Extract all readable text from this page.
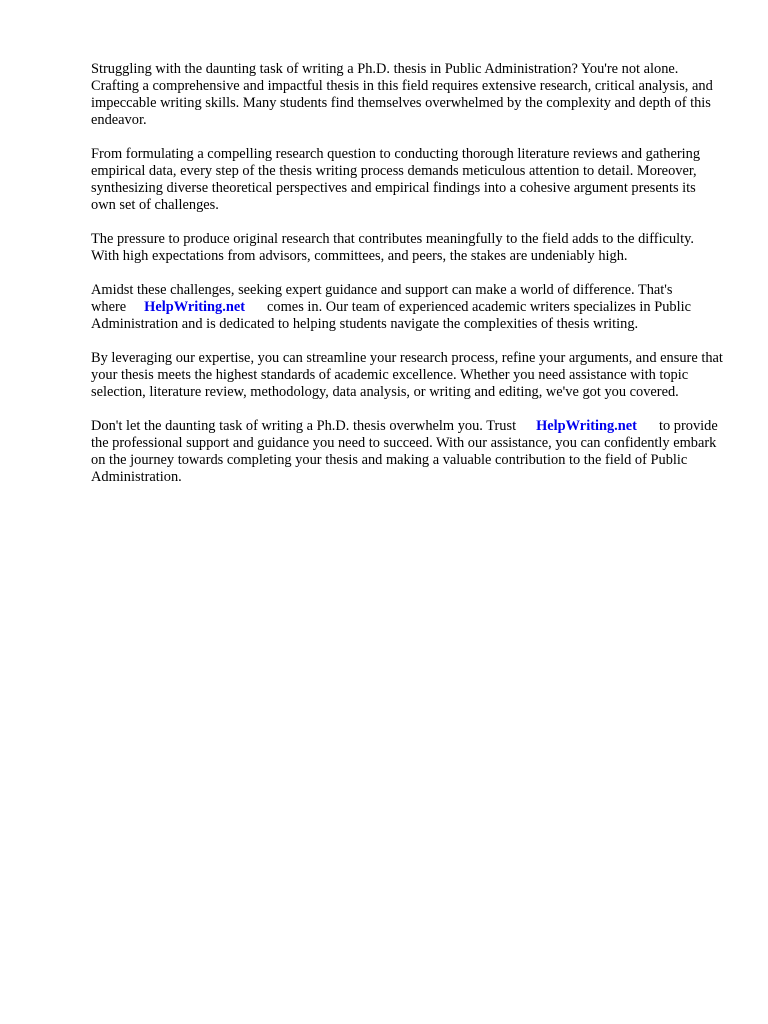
Struggling with the daunting task of writing a Ph.D. thesis in Public Administration? You're not alone. Crafting a comprehensive and impactful thesis in this field requires extensive research, critical analysis, and impeccable writing skills. Many students find themselves overwhelmed by the complexity and depth of this endeavor.

From formulating a compelling research question to conducting thorough literature reviews and gathering empirical data, every step of the thesis writing process demands meticulous attention to detail. Moreover, synthesizing diverse theoretical perspectives and empirical findings into a cohesive argument presents its own set of challenges.

The pressure to produce original research that contributes meaningfully to the field adds to the difficulty. With high expectations from advisors, committees, and peers, the stakes are undeniably high.

Amidst these challenges, seeking expert guidance and support can make a world of difference. That's where HelpWriting.net comes in. Our team of experienced academic writers specializes in Public Administration and is dedicated to helping students navigate the complexities of thesis writing.

By leveraging our expertise, you can streamline your research process, refine your arguments, and ensure that your thesis meets the highest standards of academic excellence. Whether you need assistance with topic selection, literature review, methodology, data analysis, or writing and editing, we've got you covered.

Don't let the daunting task of writing a Ph.D. thesis overwhelm you. Trust HelpWriting.net to provide the professional support and guidance you need to succeed. With our assistance, you can confidently embark on the journey towards completing your thesis and making a valuable contribution to the field of Public Administration.
